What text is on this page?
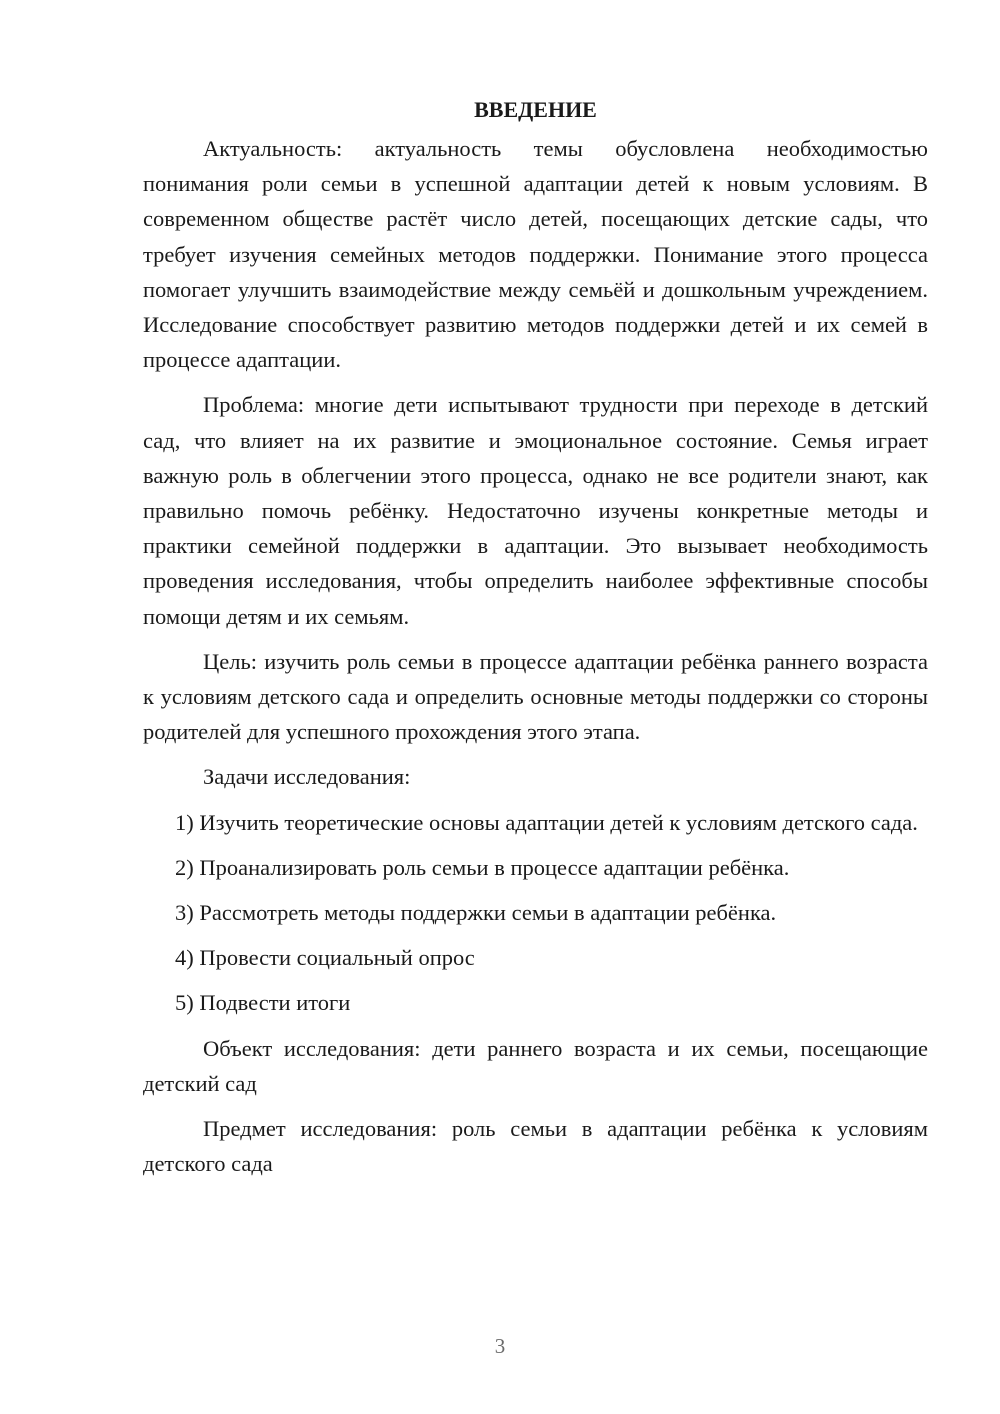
ВВЕДЕНИЕ

Актуальность: актуальность темы обусловлена необходимостью понимания роли семьи в успешной адаптации детей к новым условиям. В современном обществе растёт число детей, посещающих детские сады, что требует изучения семейных методов поддержки. Понимание этого процесса помогает улучшить взаимодействие между семьёй и дошкольным учреждением. Исследование способствует развитию методов поддержки детей и их семей в процессе адаптации.

Проблема: многие дети испытывают трудности при переходе в детский сад, что влияет на их развитие и эмоциональное состояние. Семья играет важную роль в облегчении этого процесса, однако не все родители знают, как правильно помочь ребёнку. Недостаточно изучены конкретные методы и практики семейной поддержки в адаптации. Это вызывает необходимость проведения исследования, чтобы определить наиболее эффективные способы помощи детям и их семьям.

Цель: изучить роль семьи в процессе адаптации ребёнка раннего возраста к условиям детского сада и определить основные методы поддержки со стороны родителей для успешного прохождения этого этапа.

Задачи исследования:

1) Изучить теоретические основы адаптации детей к условиям детского сада.

2) Проанализировать роль семьи в процессе адаптации ребёнка.

3) Рассмотреть методы поддержки семьи в адаптации ребёнка.

4) Провести социальный опрос

5) Подвести итоги

Объект исследования: дети раннего возраста и их семьи, посещающие детский сад

Предмет исследования: роль семьи в адаптации ребёнка к условиям детского сада

3
